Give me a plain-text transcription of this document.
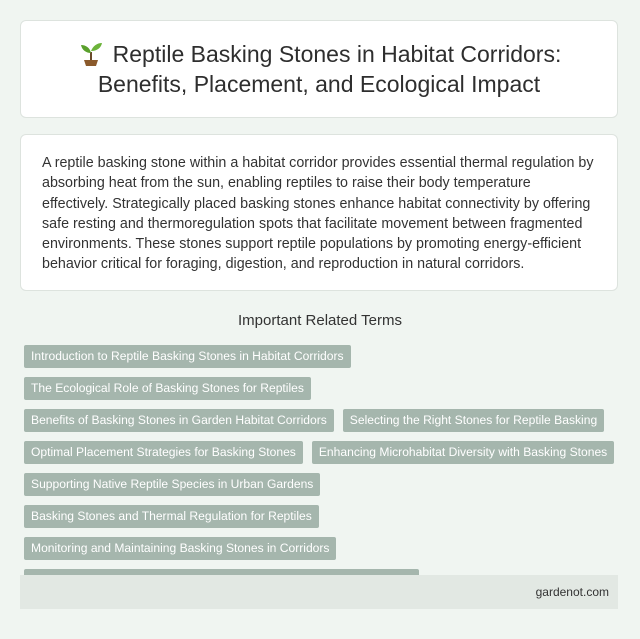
Reptile Basking Stones in Habitat Corridors:
Benefits, Placement, and Ecological Impact

A reptile basking stone within a habitat corridor provides essential thermal regulation by absorbing heat from the sun, enabling reptiles to raise their body temperature effectively. Strategically placed basking stones enhance habitat connectivity by offering safe resting and thermoregulation spots that facilitate movement between fragmented environments. These stones support reptile populations by promoting energy-efficient behavior critical for foraging, digestion, and reproduction in natural corridors.

Important Related Terms
Introduction to Reptile Basking Stones in Habitat Corridors
The Ecological Role of Basking Stones for Reptiles
Benefits of Basking Stones in Garden Habitat Corridors	Selecting the Right Stones for Reptile Basking
Optimal Placement Strategies for Basking Stones	Enhancing Microhabitat Diversity with Basking Stones
Supporting Native Reptile Species in Urban Gardens
Basking Stones and Thermal Regulation for Reptiles
Monitoring and Maintaining Basking Stones in Corridors
gardenot.com
